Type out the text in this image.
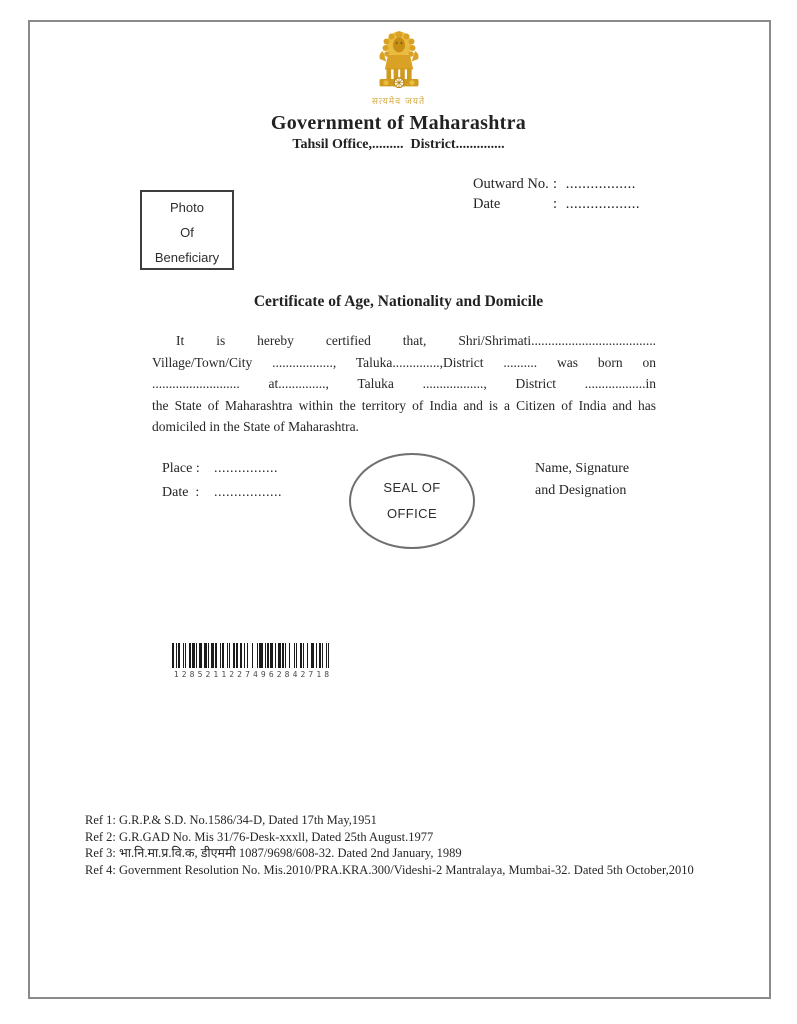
सत्यमेव जयते
Government of Maharashtra
Tahsil Office,.........  District..............
Outward No. :  .................
Date	:  ..................
Photo
Of
Beneficiary
Certificate of Age, Nationality and Domicile
It is hereby certified that, Shri/Shrimati.....................................
Village/Town/City .................., Taluka..............,District .......... was born on
.......................... at.............., Taluka .................., District ..................in
the State of Maharashtra within the territory of India and is a Citizen of India and has
domiciled in the State of Maharashtra.
Place : ................
Date  : .................	SEAL OF
OFFICE
Name, Signature
and Designation
12852112274962842718
Ref 1: G.R.P.& S.D. No.1586/34-D, Dated 17th May,1951
Ref 2: G.R.GAD No. Mis 31/76-Desk-xxxll, Dated 25th August.1977
Ref 3: भा.नि.मा.प्र.वि.क, डीएममी 1087/9698/608-32. Dated 2nd January, 1989
Ref 4: Government Resolution No. Mis.2010/PRA.KRA.300/Videshi-2 Mantralaya, Mumbai-32. Dated 5th October,2010
